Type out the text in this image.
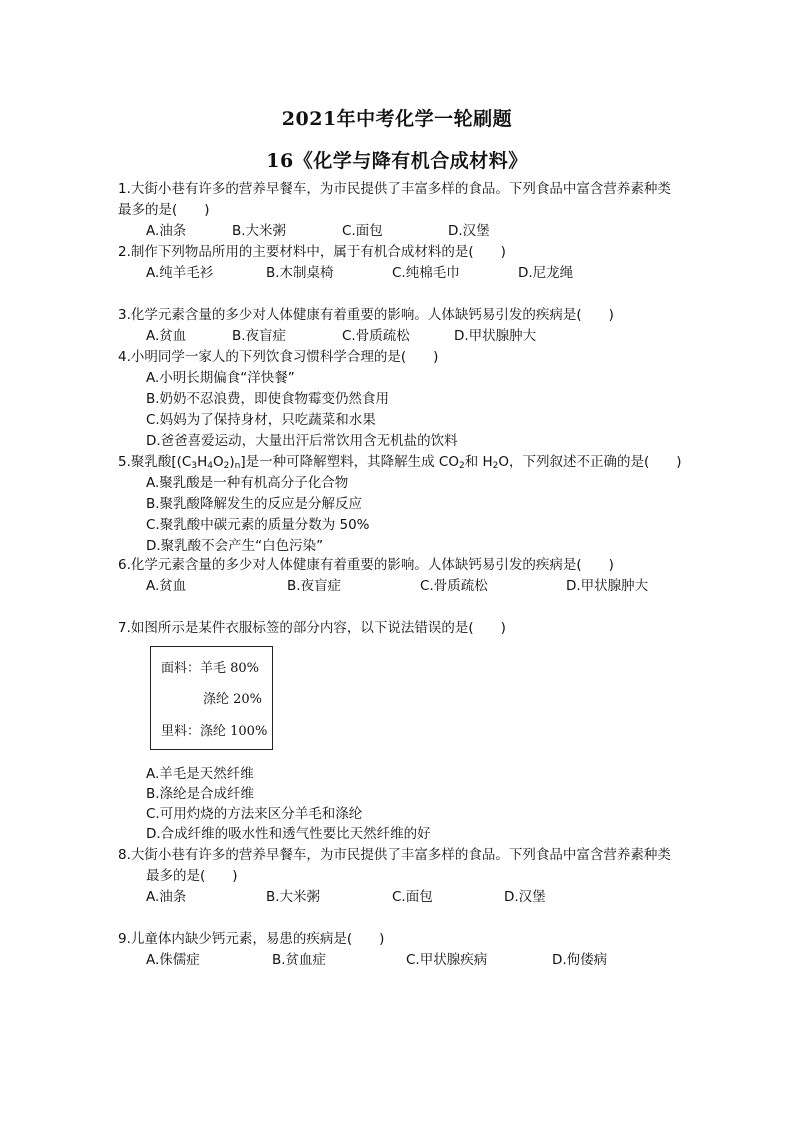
2021年中考化学一轮刷题
16《化学与降有机合成材料》
1.大街小巷有许多的营养早餐车，为市民提供了丰富多样的食品。下列食品中富含营养素种类
最多的是(　　)
A.油条	B.大米粥	C.面包	D.汉堡
2.制作下列物品所用的主要材料中，属于有机合成材料的是(　　)
A.纯羊毛衫	B.木制桌椅	C.纯棉毛巾	D.尼龙绳
3.化学元素含量的多少对人体健康有着重要的影响。人体缺钙易引发的疾病是(　　)
A.贫血	B.夜盲症	C.骨质疏松	D.甲状腺肿大
4.小明同学一家人的下列饮食习惯科学合理的是(　　)
A.小明长期偏食“洋快餐”
B.奶奶不忍浪费，即使食物霉变仍然食用
C.妈妈为了保持身材，只吃蔬菜和水果
D.爸爸喜爱运动，大量出汗后常饮用含无机盐的饮料
5.聚乳酸$[(C_3H_4O_2)_n]$是一种可降解塑料，其降解生成 $CO_2$和 $H_2O$，下列叙述不正确的是(　　)
A.聚乳酸是一种有机高分子化合物
B.聚乳酸降解发生的反应是分解反应
C.聚乳酸中碳元素的质量分数为 50%
D.聚乳酸不会产生“白色污染”
6.化学元素含量的多少对人体健康有着重要的影响。人体缺钙易引发的疾病是(　　)
A.贫血	B.夜盲症	C.骨质疏松	D.甲状腺肿大
7.如图所示是某件衣服标签的部分内容，以下说法错误的是(　　)
面料：羊毛 80%
涤纶 20%
里料：涤纶 100%
A.羊毛是天然纤维
B.涤纶是合成纤维
C.可用灼烧的方法来区分羊毛和涤纶
D.合成纤维的吸水性和透气性要比天然纤维的好
8.大街小巷有许多的营养早餐车，为市民提供了丰富多样的食品。下列食品中富含营养素种类
最多的是(　　)
A.油条	B.大米粥	C.面包	D.汉堡
9.儿童体内缺少钙元素，易患的疾病是(　　)
A.侏儒症	B.贫血症	C.甲状腺疾病	D.佝偻病
